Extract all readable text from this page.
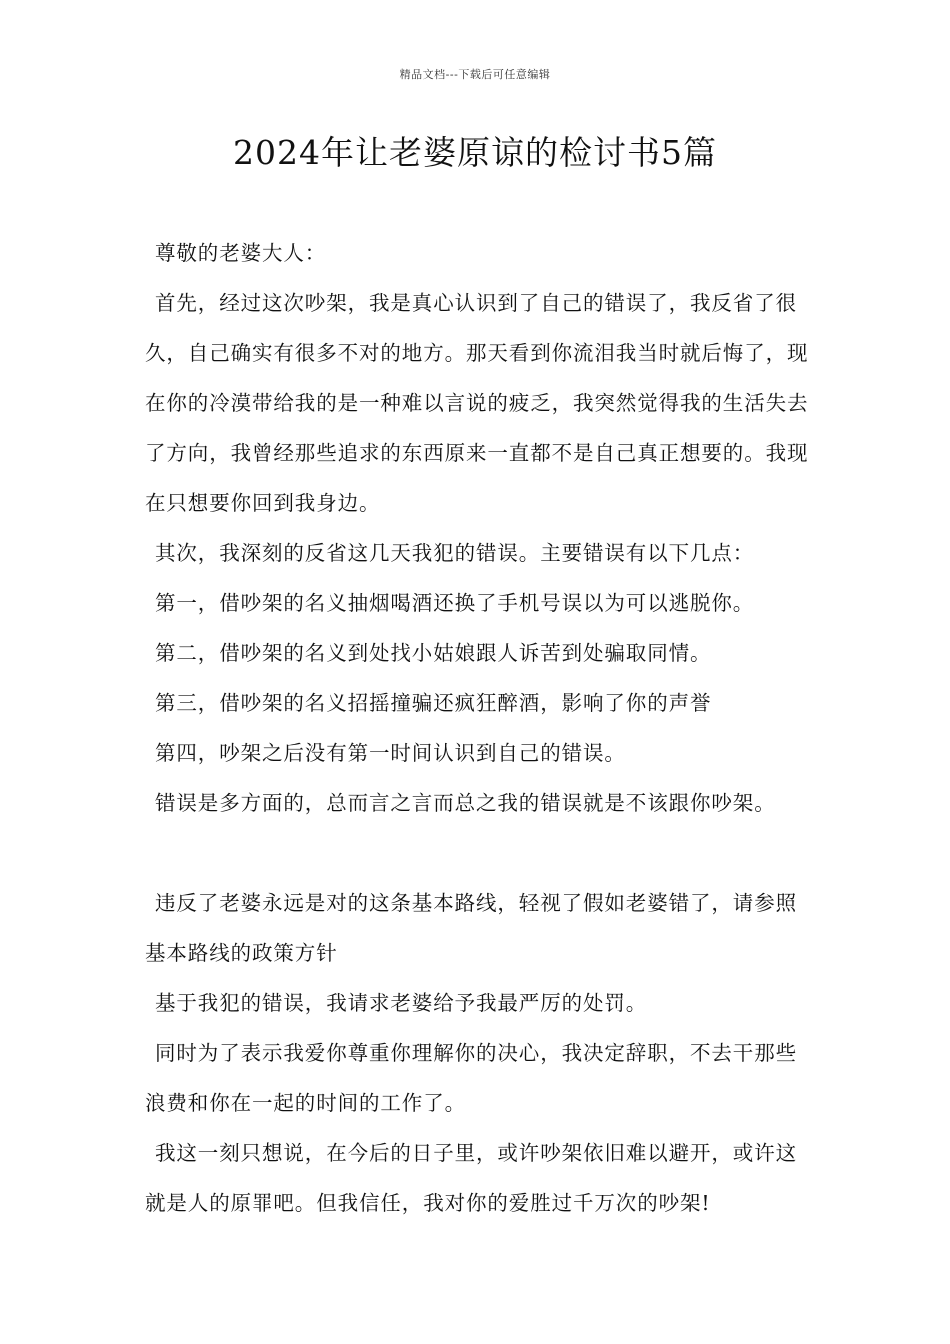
精品文档---下载后可任意编辑
2024年让老婆原谅的检讨书5篇

尊敬的老婆大人：

首先，经过这次吵架，我是真心认识到了自己的错误了，我反省了很久，自己确实有很多不对的地方。那天看到你流泪我当时就后悔了，现在你的冷漠带给我的是一种难以言说的疲乏，我突然觉得我的生活失去了方向，我曾经那些追求的东西原来一直都不是自己真正想要的。我现在只想要你回到我身边。

其次，我深刻的反省这几天我犯的错误。主要错误有以下几点：

第一，借吵架的名义抽烟喝酒还换了手机号误以为可以逃脱你。

第二，借吵架的名义到处找小姑娘跟人诉苦到处骗取同情。

第三，借吵架的名义招摇撞骗还疯狂醉酒，影响了你的声誉

第四，吵架之后没有第一时间认识到自己的错误。

错误是多方面的，总而言之言而总之我的错误就是不该跟你吵架。

违反了老婆永远是对的这条基本路线，轻视了假如老婆错了，请参照基本路线的政策方针

基于我犯的错误，我请求老婆给予我最严厉的处罚。

同时为了表示我爱你尊重你理解你的决心，我决定辞职，不去干那些浪费和你在一起的时间的工作了。

我这一刻只想说，在今后的日子里，或许吵架依旧难以避开，或许这就是人的原罪吧。但我信任，我对你的爱胜过千万次的吵架!
